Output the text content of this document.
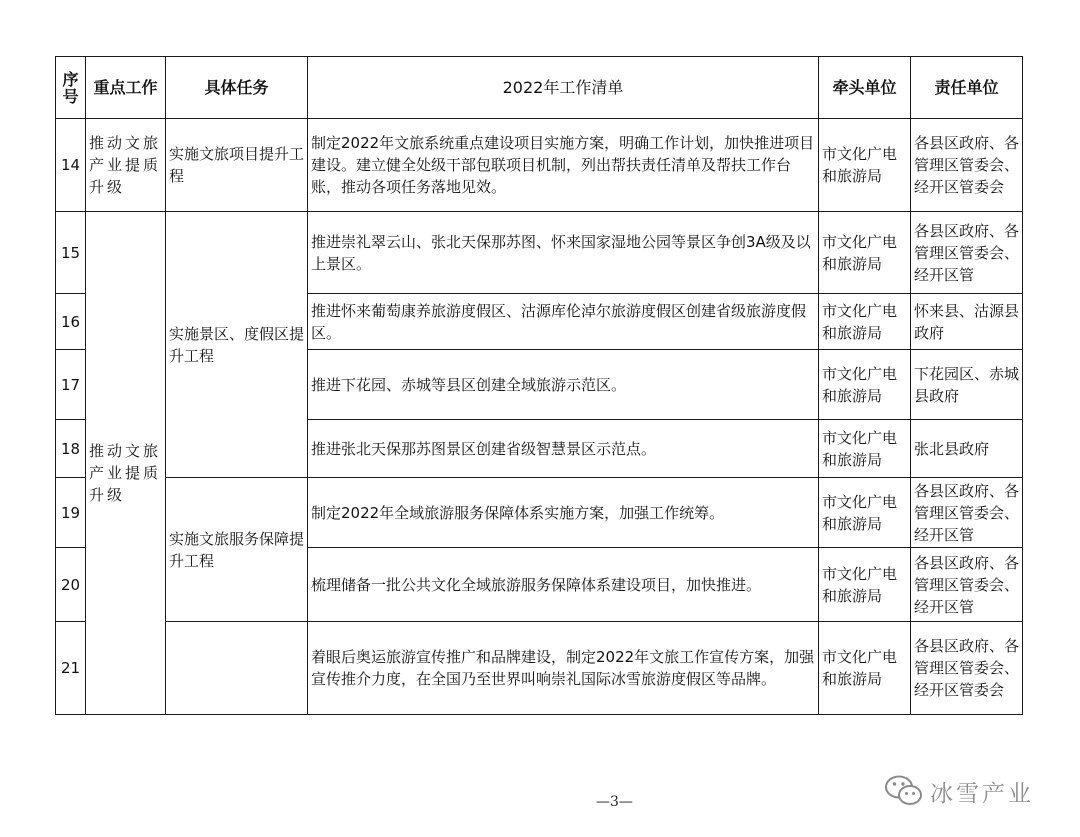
序号	重点工作	具体任务	2022年工作清单	牵头单位	责任单位
14	推动文旅产业提质升级	实施文旅项目提升工程	制定2022年文旅系统重点建设项目实施方案，明确工作计划，加快推进项目建设。建立健全处级干部包联项目机制，列出帮扶责任清单及帮扶工作台账，推动各项任务落地见效。	市文化广电和旅游局	各县区政府、各管理区管委会、经开区管委会
15	推动文旅产业提质升级	实施景区、度假区提升工程	推进崇礼翠云山、张北天保那苏图、怀来国家湿地公园等景区争创3A级及以上景区。	市文化广电和旅游局	各县区政府、各管理区管委会、经开区管
16			推进怀来葡萄康养旅游度假区、沽源库伦淖尔旅游度假区创建省级旅游度假区。	市文化广电和旅游局	怀来县、沽源县政府
17			推进下花园、赤城等县区创建全域旅游示范区。	市文化广电和旅游局	下花园区、赤城县政府
18			推进张北天保那苏图景区创建省级智慧景区示范点。	市文化广电和旅游局	张北县政府
19		实施文旅服务保障提升工程	制定2022年全域旅游服务保障体系实施方案，加强工作统筹。	市文化广电和旅游局	各县区政府、各管理区管委会、经开区管
20			梳理储备一批公共文化全域旅游服务保障体系建设项目，加快推进。	市文化广电和旅游局	各县区政府、各管理区管委会、经开区管
21			着眼后奥运旅游宣传推广和品牌建设，制定2022年文旅工作宣传方案，加强宣传推介力度，在全国乃至世界叫响崇礼国际冰雪旅游度假区等品牌。	市文化广电和旅游局	各县区政府、各管理区管委会、经开区管委会
—3—	冰雪产业
